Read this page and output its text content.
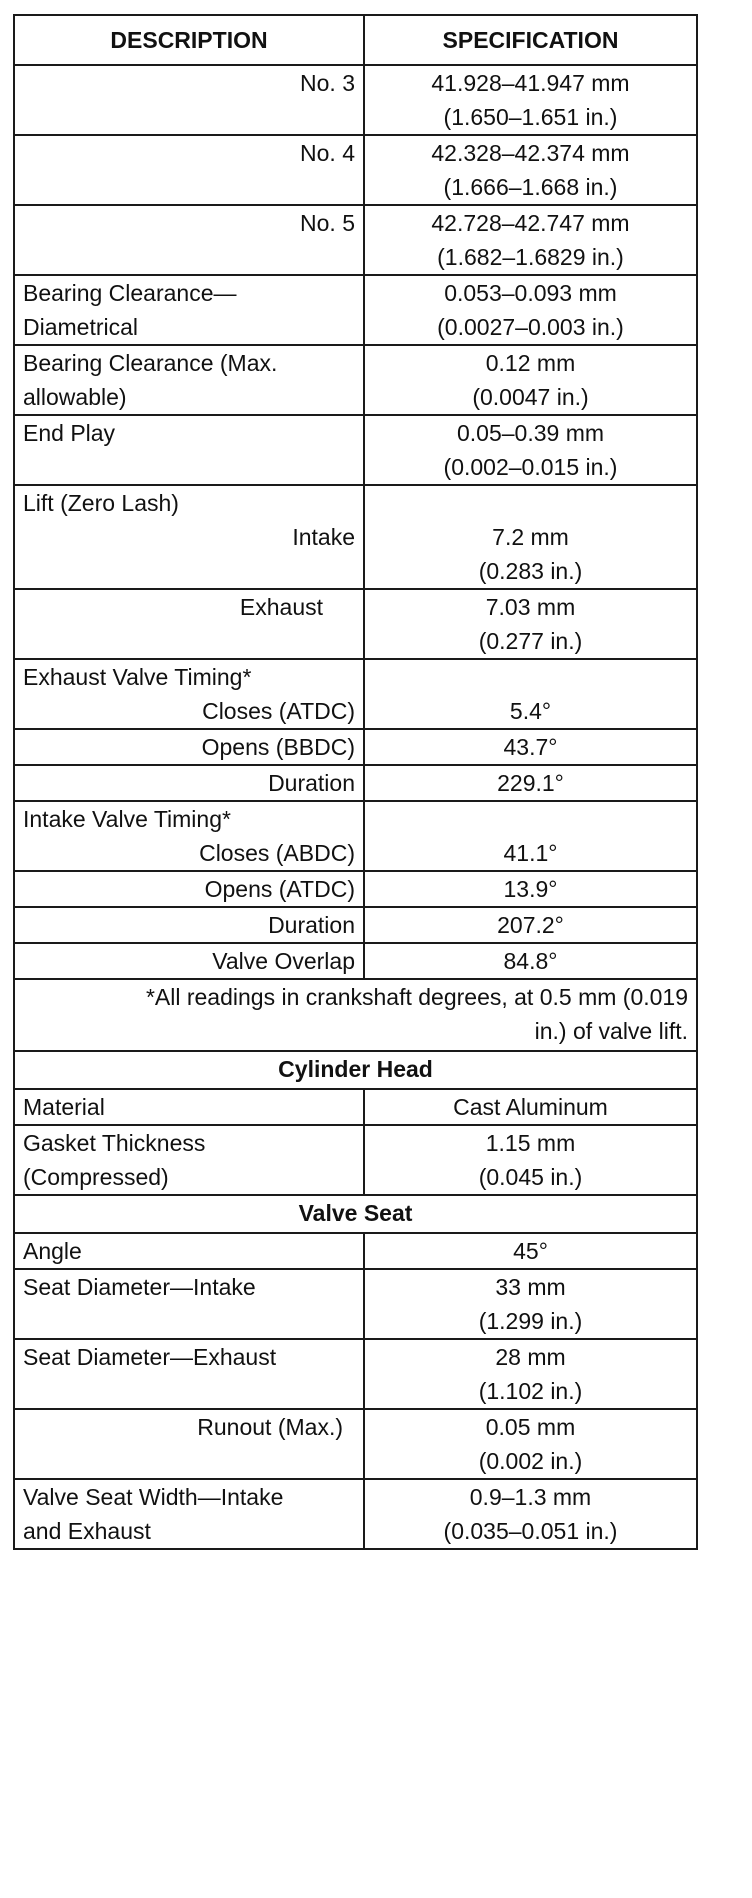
DESCRIPTION	SPECIFICATION
No. 3	41.928–41.947 mm
(1.650–1.651 in.)

No. 4	42.328–42.374 mm
(1.666–1.668 in.)

No. 5	42.728–42.747 mm
(1.682–1.6829 in.)

Bearing Clearance—
Diametrical	0.053–0.093 mm
(0.0027–0.003 in.)

Bearing Clearance (Max.
allowable)	0.12 mm
(0.0047 in.)

End Play	0.05–0.39 mm
(0.002–0.015 in.)

Lift (Zero Lash)
Intake	7.2 mm
(0.283 in.)

Exhaust	7.03 mm
(0.277 in.)

Exhaust Valve Timing*
Closes (ATDC)	5.4°
Opens (BBDC)	43.7°
Duration	229.1°

Intake Valve Timing*
Closes (ABDC)	41.1°
Opens (ATDC)	13.9°
Duration	207.2°
Valve Overlap	84.8°

*All readings in crankshaft degrees, at 0.5 mm (0.019
in.) of valve lift.	

Cylinder Head	
Material	Cast Aluminum

Gasket Thickness
(Compressed)	1.15 mm
(0.045 in.)

Valve Seat	
Angle	45°
Seat Diameter—Intake	33 mm
(1.299 in.)

Seat Diameter—Exhaust	28 mm
(1.102 in.)

Runout (Max.)	0.05 mm
(0.002 in.)

Valve Seat Width—Intake
and Exhaust	0.9–1.3 mm
(0.035–0.051 in.)
